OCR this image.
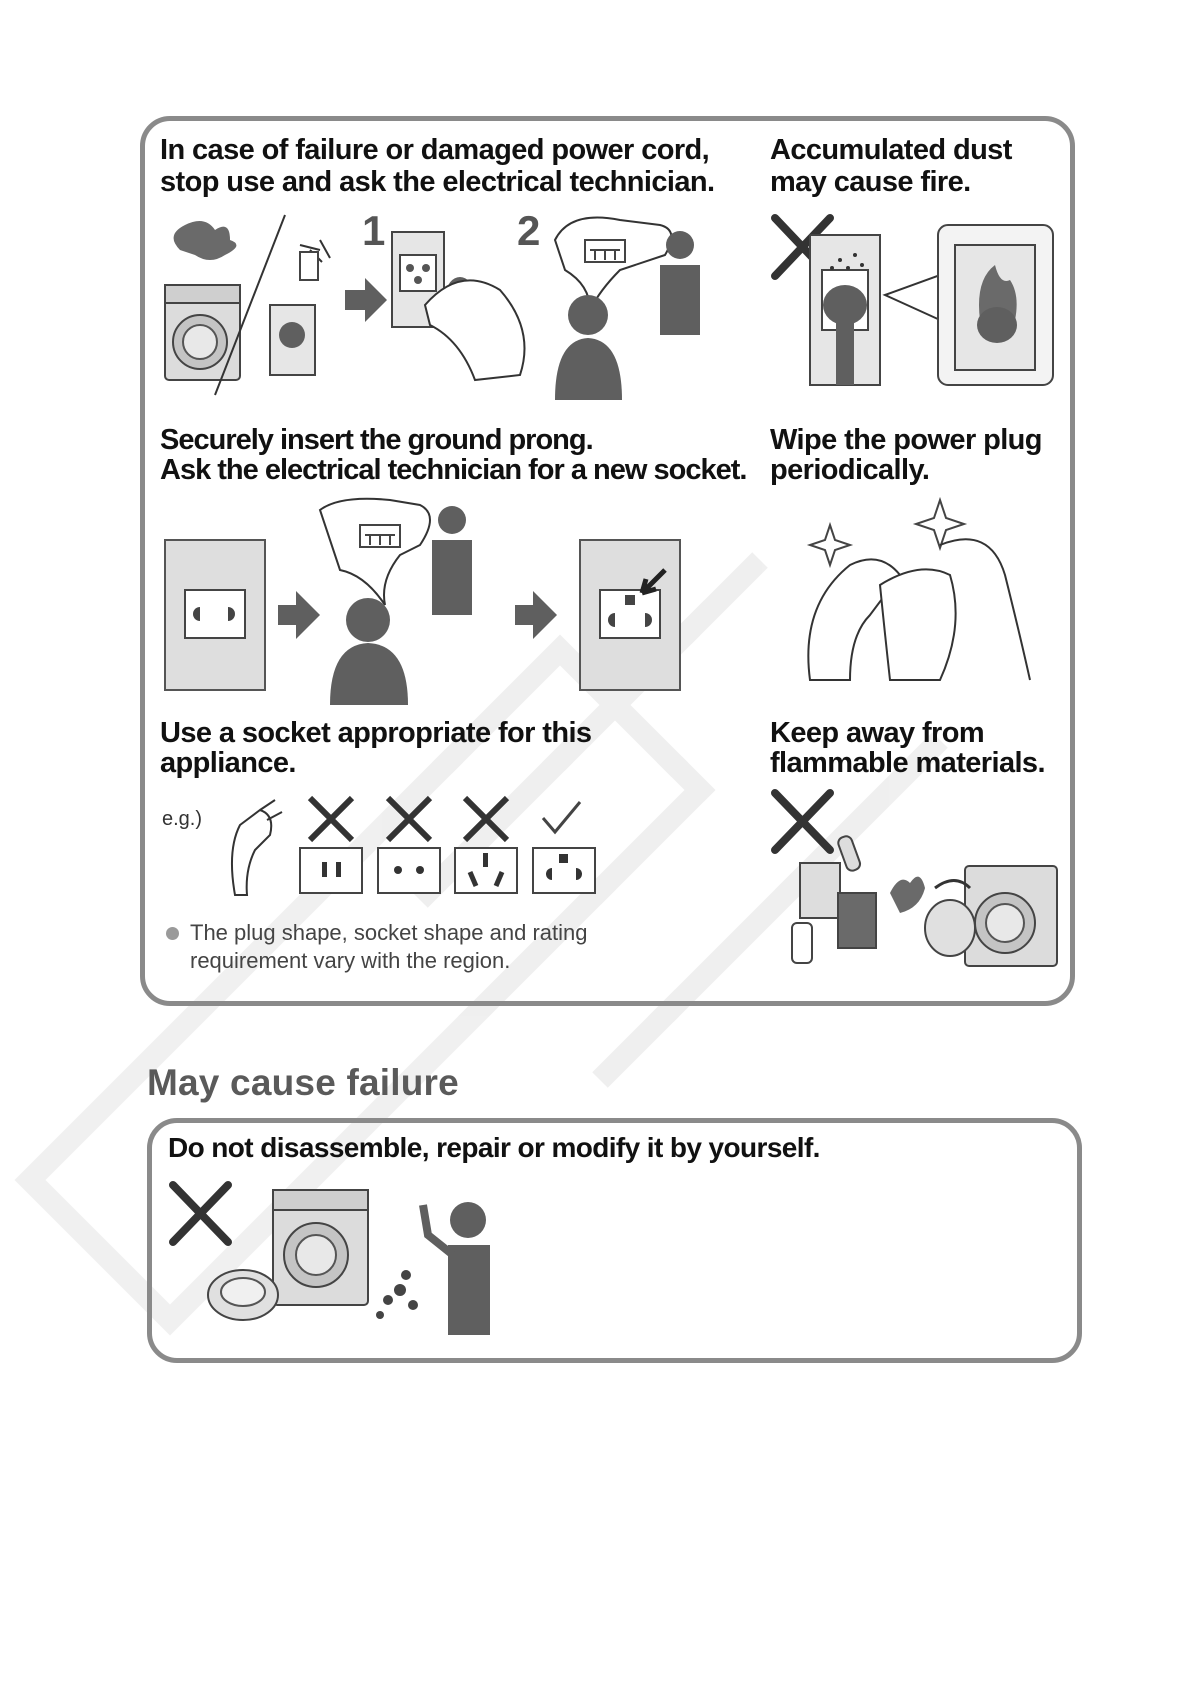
In case of failure or damaged power cord,
stop use and ask the electrical technician.
1	2
Accumulated dust
may cause fire.
Securely insert the ground prong.
Ask the electrical technician for a new socket.
Wipe the power plug
periodically.
Use a socket appropriate for this
appliance.
e.g.)
The plug shape, socket shape and rating
requirement vary with the region.
Keep away from
flammable materials.
May cause failure
Do not disassemble, repair or modify it by yourself.
